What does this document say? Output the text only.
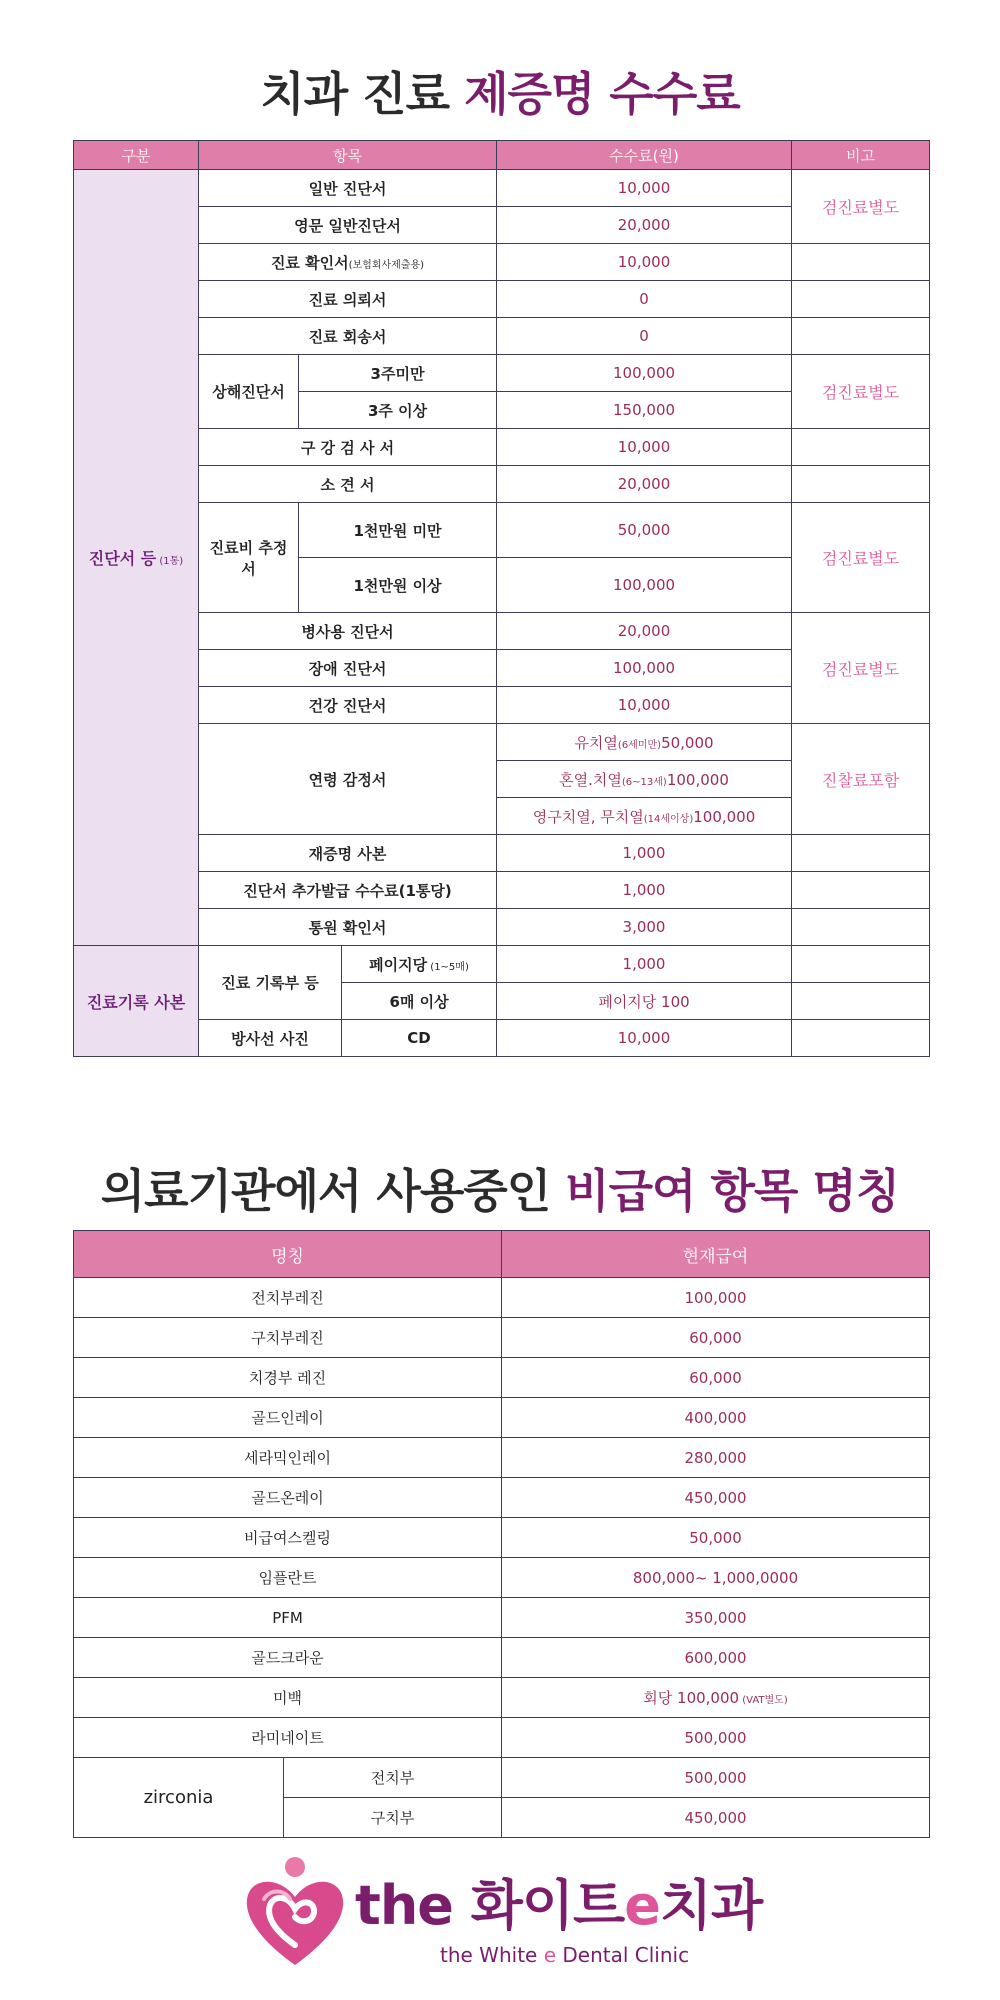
치과 진료 제증명 수수료
구분	항목			수수료(원)	비고
진단서 등 (1통)	일반 진단서			10,000	검진료별도
	영문 일반진단서			20,000	
	진료 확인서(보험회사제출용)			10,000	
	진료 의뢰서			0	
	진료 회송서			0	
	상해진단서	3주미만		100,000	검진료별도
		3주 이상		150,000	
	구 강 검 사 서			10,000	
	소 견 서			20,000	
	진료비 추정서	1천만원 미만		50,000	검진료별도
		1천만원 이상		100,000	
	병사용 진단서			20,000	검진료별도
	장애 진단서			100,000	
	건강 진단서			10,000	
	연령 감정서			유치열(6세미만)50,000	진찰료포함
				혼열.치열(6~13세)100,000	
				영구치열, 무치열(14세이상)100,000	
	재증명 사본			1,000	
	진단서 추가발급 수수료(1통당)			1,000	
	통원 확인서			3,000	
진료기록 사본	진료 기록부 등		페이지당 (1~5매)	1,000	
			6매 이상	페이지당 100	
	방사선 사진		CD	10,000	
의료기관에서 사용중인 비급여 항목 명칭
명칭		현재급여
전치부레진		100,000
구치부레진		60,000
치경부 레진		60,000
골드인레이		400,000
세라믹인레이		280,000
골드온레이		450,000
비급여스켈링		50,000
임플란트		800,000~ 1,000,0000
PFM		350,000
골드크라운		600,000
미백		회당 100,000 (VAT별도)
라미네이트		500,000
zirconia	전치부	500,000
	구치부	450,000
the 화이트e치과
the White e Dental Clinic
